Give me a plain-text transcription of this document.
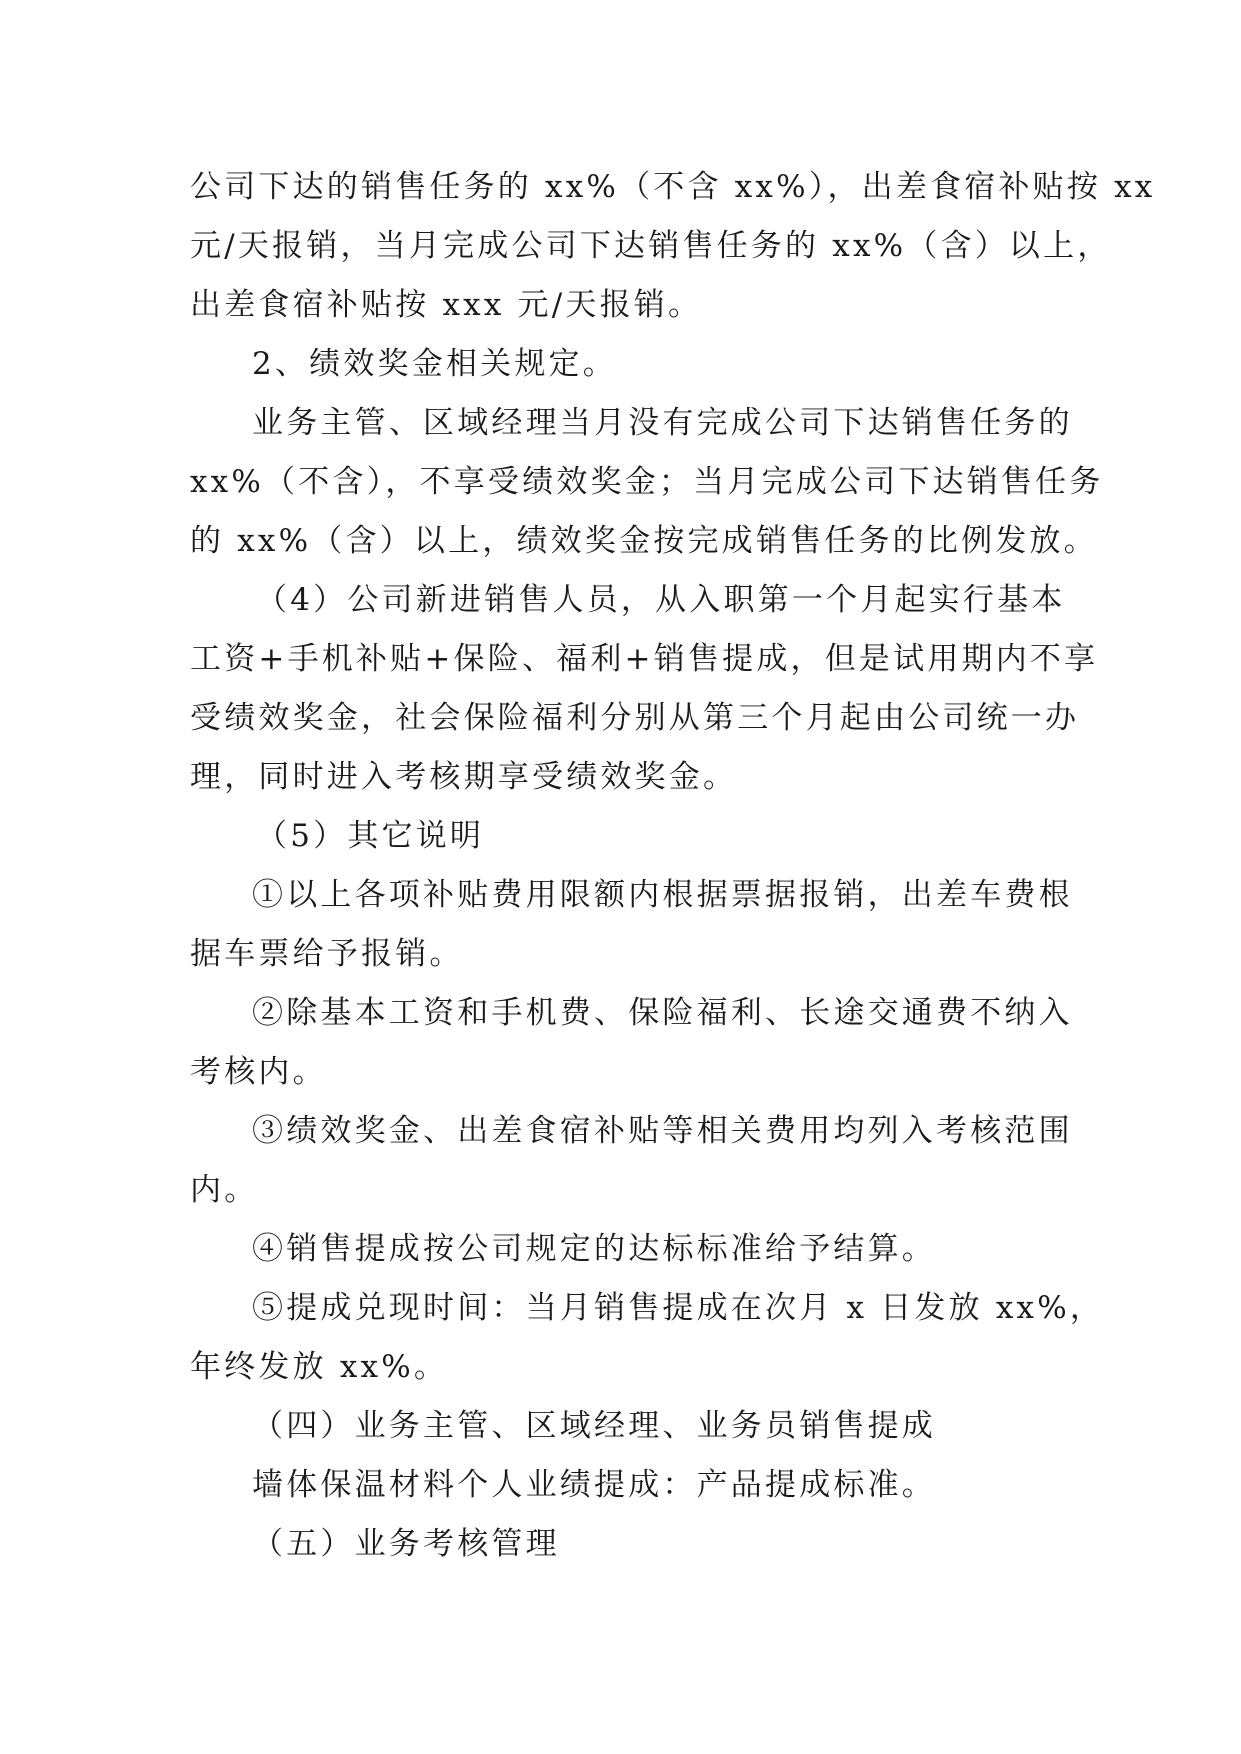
公司下达的销售任务的 xx%（不含 xx%），出差食宿补贴按 xx
元/天报销，当月完成公司下达销售任务的 xx%（含）以上，
出差食宿补贴按 xxx 元/天报销。
2、绩效奖金相关规定。
业务主管、区域经理当月没有完成公司下达销售任务的
xx%（不含），不享受绩效奖金；当月完成公司下达销售任务
的 xx%（含）以上，绩效奖金按完成销售任务的比例发放。
（4）公司新进销售人员，从入职第一个月起实行基本
工资+手机补贴+保险、福利+销售提成，但是试用期内不享
受绩效奖金，社会保险福利分别从第三个月起由公司统一办
理，同时进入考核期享受绩效奖金。
（5）其它说明
①以上各项补贴费用限额内根据票据报销，出差车费根
据车票给予报销。
②除基本工资和手机费、保险福利、长途交通费不纳入
考核内。
③绩效奖金、出差食宿补贴等相关费用均列入考核范围
内。
④销售提成按公司规定的达标标准给予结算。
⑤提成兑现时间：当月销售提成在次月 x 日发放 xx%，
年终发放 xx%。
（四）业务主管、区域经理、业务员销售提成
墙体保温材料个人业绩提成：产品提成标准。
（五）业务考核管理
